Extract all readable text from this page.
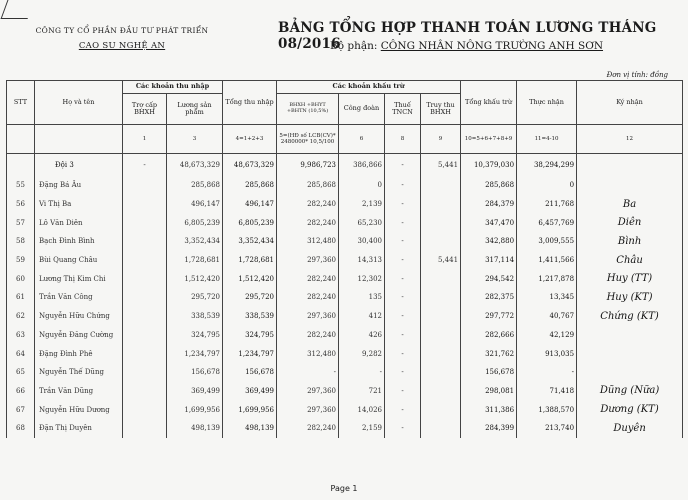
CÔNG TY CỔ PHẦN ĐẦU TƯ PHÁT TRIỂN
CAO SU NGHỆ AN
BẢNG TỔNG HỢP THANH TOÁN LƯƠNG THÁNG 08/2016
Bộ phận: CÔNG NHÂN NÔNG TRƯỜNG ANH SƠN
Đơn vị tính: đồng
STT	Họ và tên	Các khoản thu nhập		Tổng thu nhập	Các khoản khấu trừ				Tổng khấu trừ	Thực nhận	Ký nhận
		Trợ cấp BHXH	Lương sản phẩm		BHXH +BHYT +BHTN (10,5%)	Công đoàn	Thuế TNCN	Truy thu BHXH			
		1	3	4=1+2+3	5=(HĐ số LCB(CV)* 2480000* 10,5/100	6	8	9	10=5+6+7+8+9	11=4-10	12
	Đội 3	-	48,673,329	48,673,329	9,986,723	386,866	-	5,441	10,379,030	38,294,299	
55	Đặng Bá Âu		285,868	285,868	285,868	0	-		285,868	0	
56	Vi Thị Ba		496,147	496,147	282,240	2,139	-		284,379	211,768	Ba
57	Lô Văn Diên		6,805,239	6,805,239	282,240	65,230	-		347,470	6,457,769	Diên
58	Bạch Đình Bình		3,352,434	3,352,434	312,480	30,400	-		342,880	3,009,555	Bình
59	Bùi Quang Châu		1,728,681	1,728,681	297,360	14,313	-	5,441	317,114	1,411,566	Châu
60	Lương Thị Kim Chi		1,512,420	1,512,420	282,240	12,302	-		294,542	1,217,878	Huy (TT)
61	Trần Văn Công		295,720	295,720	282,240	135	-		282,375	13,345	Huy (KT)
62	Nguyễn Hữu Chứng		338,539	338,539	297,360	412	-		297,772	40,767	Chứng (KT)
63	Nguyễn Đăng Cường		324,795	324,795	282,240	426	-		282,666	42,129	
64	Đặng Đình Phê		1,234,797	1,234,797	312,480	9,282	-		321,762	913,035	
65	Nguyễn Thế Dũng		156,678	156,678	-	-	-		156,678	-	
66	Trần Văn Dũng		369,499	369,499	297,360	721	-		298,081	71,418	Dũng (Nữa)
67	Nguyễn Hữu Dương		1,699,956	1,699,956	297,360	14,026	-		311,386	1,388,570	Dương (KT)
68	Đặn Thị Duyên		498,139	498,139	282,240	2,159	-		284,399	213,740	Duyên
Page 1
